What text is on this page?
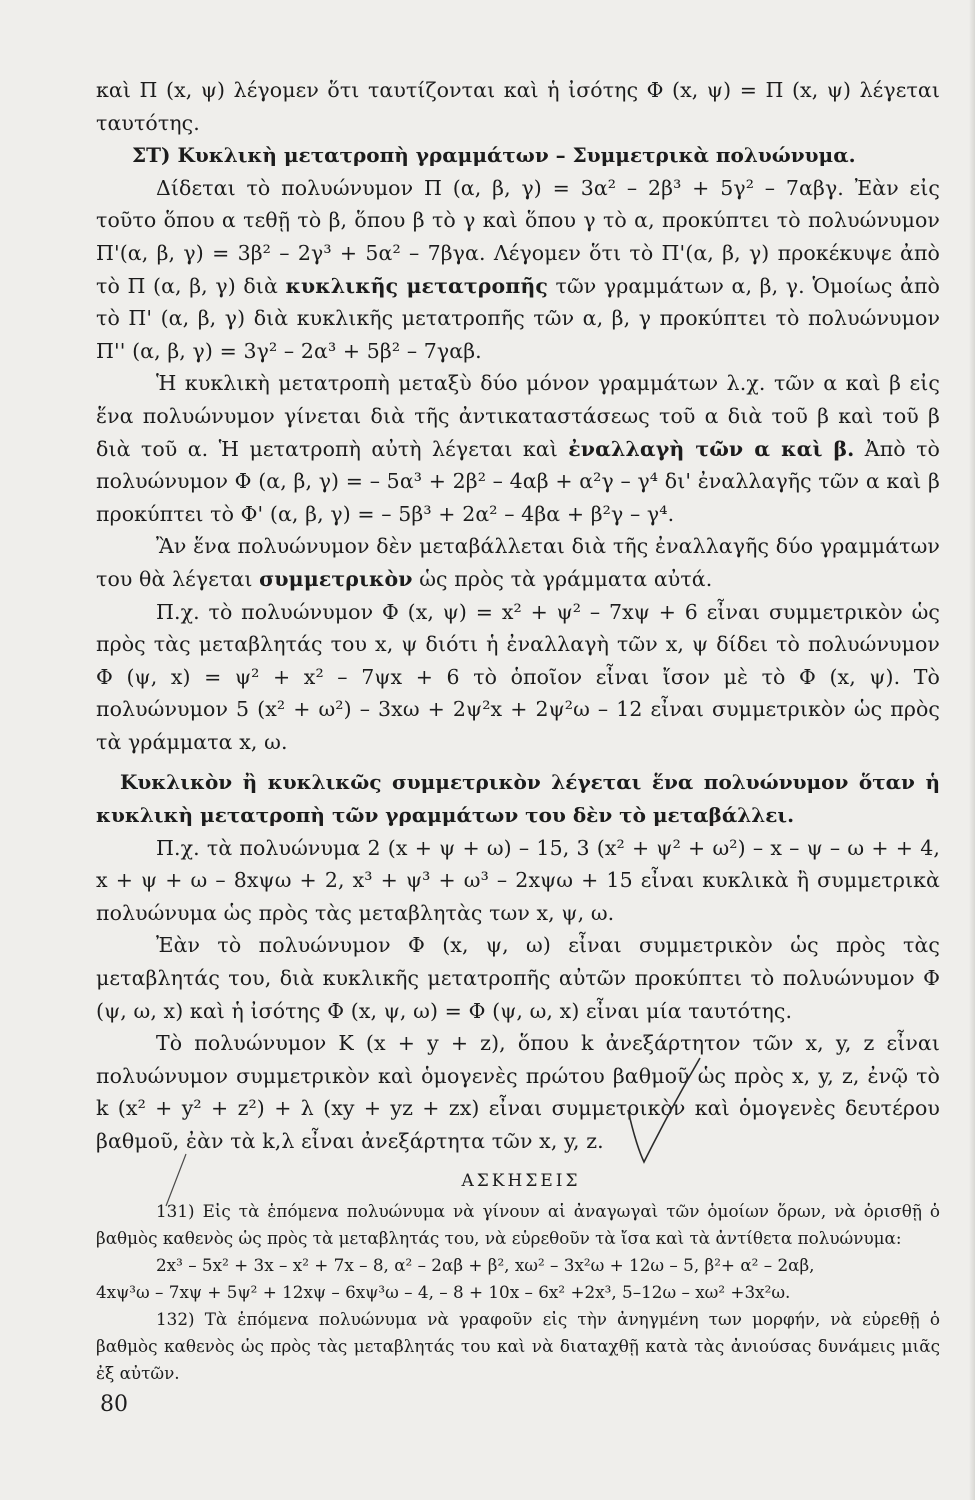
καὶ Π (x, ψ) λέγομεν ὅτι ταυτίζονται καὶ ἡ ἰσότης Φ (x, ψ) = Π (x, ψ) λέγεται ταυτότης.

ΣΤ) Κυκλικὴ μετατροπὴ γραμμάτων – Συμμετρικὰ πολυώνυμα.

Δίδεται τὸ πολυώνυμον Π (α, β, γ) = 3α² – 2β³ + 5γ² – 7αβγ. Ἐὰν εἰς τοῦτο ὅπου α τεθῇ τὸ β, ὅπου β τὸ γ καὶ ὅπου γ τὸ α, προκύπτει τὸ πολυώνυμον Π'(α, β, γ) = 3β² – 2γ³ + 5α² – 7βγα. Λέγομεν ὅτι τὸ Π'(α, β, γ) προκέκυψε ἀπὸ τὸ Π (α, β, γ) διὰ κυκλικῆς μετατροπῆς τῶν γραμμάτων α, β, γ. Ὁμοίως ἀπὸ τὸ Π' (α, β, γ) διὰ κυκλικῆς μετατροπῆς τῶν α, β, γ προκύπτει τὸ πολυώνυμον Π'' (α, β, γ) = 3γ² – 2α³ + 5β² – 7γαβ.

Ἡ κυκλικὴ μετατροπὴ μεταξὺ δύο μόνον γραμμάτων λ.χ. τῶν α καὶ β εἰς ἕνα πολυώνυμον γίνεται διὰ τῆς ἀντικαταστάσεως τοῦ α διὰ τοῦ β καὶ τοῦ β διὰ τοῦ α. Ἡ μετατροπὴ αὐτὴ λέγεται καὶ ἐναλλαγὴ τῶν α καὶ β. Ἀπὸ τὸ πολυώνυμον Φ (α, β, γ) = – 5α³ + 2β² – 4αβ + α²γ – γ⁴ δι' ἐναλλαγῆς τῶν α καὶ β προκύπτει τὸ Φ' (α, β, γ) = – 5β³ + 2α² – 4βα + β²γ – γ⁴.

Ἂν ἕνα πολυώνυμον δὲν μεταβάλλεται διὰ τῆς ἐναλλαγῆς δύο γραμμάτων του θὰ λέγεται συμμετρικὸν ὡς πρὸς τὰ γράμματα αὐτά.

Π.χ. τὸ πολυώνυμον Φ (x, ψ) = x² + ψ² – 7xψ + 6 εἶναι συμμετρικὸν ὡς πρὸς τὰς μεταβλητάς του x, ψ διότι ἡ ἐναλλαγὴ τῶν x, ψ δίδει τὸ πολυώνυμον Φ (ψ, x) = ψ² + x² – 7ψx + 6 τὸ ὁποῖον εἶναι ἴσον μὲ τὸ Φ (x, ψ). Τὸ πολυώνυμον 5 (x² + ω²) – 3xω + 2ψ²x + 2ψ²ω – 12 εἶναι συμμετρικὸν ὡς πρὸς τὰ γράμματα x, ω.

Κυκλικὸν ἢ κυκλικῶς συμμετρικὸν λέγεται ἕνα πολυώνυμον ὅταν ἡ κυκλικὴ μετατροπὴ τῶν γραμμάτων του δὲν τὸ μεταβάλλει.

Π.χ. τὰ πολυώνυμα 2 (x + ψ + ω) – 15, 3 (x² + ψ² + ω²) – x – ψ – ω + + 4, x + ψ + ω – 8xψω + 2, x³ + ψ³ + ω³ – 2xψω + 15 εἶναι κυκλικὰ ἢ συμμετρικὰ πολυώνυμα ὡς πρὸς τὰς μεταβλητὰς των x, ψ, ω.

Ἐὰν τὸ πολυώνυμον Φ (x, ψ, ω) εἶναι συμμετρικὸν ὡς πρὸς τὰς μεταβλητάς του, διὰ κυκλικῆς μετατροπῆς αὐτῶν προκύπτει τὸ πολυώνυμον Φ (ψ, ω, x) καὶ ἡ ἰσότης Φ (x, ψ, ω) = Φ (ψ, ω, x) εἶναι μία ταυτότης.

Τὸ πολυώνυμον K (x + y + z), ὅπου k ἀνεξάρτητον τῶν x, y, z εἶναι πολυώνυμον συμμετρικὸν καὶ ὁμογενὲς πρώτου βαθμοῦ ὡς πρὸς x, y, z, ἐνῷ τὸ k (x² + y² + z²) + λ (xy + yz + zx) εἶναι συμμετρικὸν καὶ ὁμογενὲς δευτέρου βαθμοῦ, ἐὰν τὰ k,λ εἶναι ἀνεξάρτητα τῶν x, y, z.

ΑΣΚΗΣΕΙΣ

131) Εἰς τὰ ἑπόμενα πολυώνυμα νὰ γίνουν αἱ ἀναγωγαὶ τῶν ὁμοίων ὅρων, νὰ ὁρισθῇ ὁ βαθμὸς καθενὸς ὡς πρὸς τὰ μεταβλητάς του, νὰ εὑρεθοῦν τὰ ἴσα καὶ τὰ ἀντίθετα πολυώνυμα:

2x³ – 5x² + 3x – x² + 7x – 8, α² – 2αβ + β², xω² – 3x²ω + 12ω – 5, β²+ α² – 2αβ,

4xψ³ω – 7xψ + 5ψ² + 12xψ – 6xψ³ω – 4, – 8 + 10x – 6x² +2x³, 5–12ω – xω² +3x²ω.

132) Τὰ ἑπόμενα πολυώνυμα νὰ γραφοῦν εἰς τὴν ἀνηγμένη των μορφήν, νὰ εὑρεθῇ ὁ βαθμὸς καθενὸς ὡς πρὸς τὰς μεταβλητάς του καὶ νὰ διαταχθῇ κατὰ τὰς ἀνιούσας δυνάμεις μιᾶς ἐξ αὐτῶν.

80
